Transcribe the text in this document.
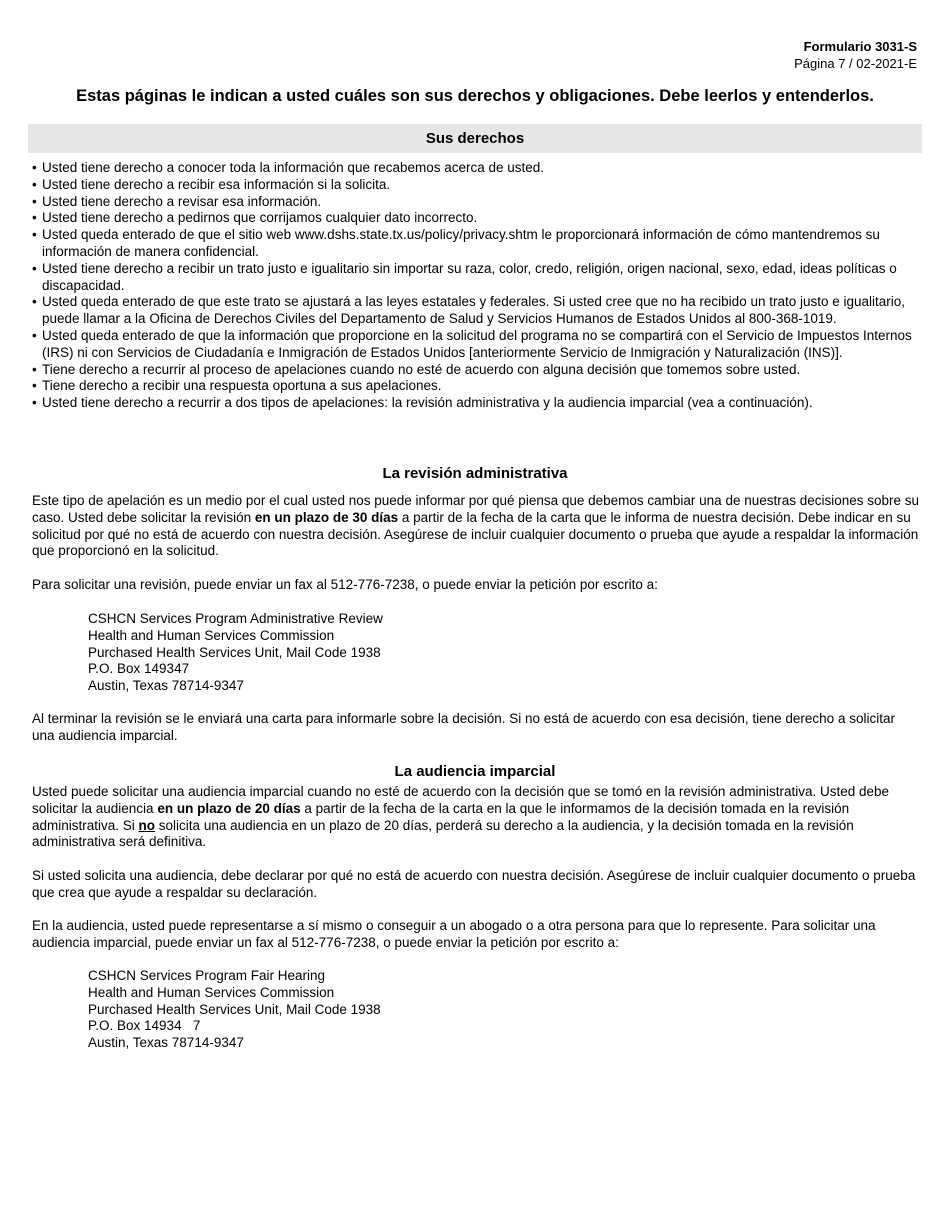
Formulario 3031-S
Página 7 / 02-2021-E
Estas páginas le indican a usted cuáles son sus derechos y obligaciones. Debe leerlos y entenderlos.
Sus derechos
• Usted tiene derecho a conocer toda la información que recabemos acerca de usted.
• Usted tiene derecho a recibir esa información si la solicita.
• Usted tiene derecho a revisar esa información.
• Usted tiene derecho a pedirnos que corrijamos cualquier dato incorrecto.
• Usted queda enterado de que el sitio web www.dshs.state.tx.us/policy/privacy.shtm le proporcionará información de cómo mantendremos su información de manera confidencial.
• Usted tiene derecho a recibir un trato justo e igualitario sin importar su raza, color, credo, religión, origen nacional, sexo, edad, ideas políticas o discapacidad.
• Usted queda enterado de que este trato se ajustará a las leyes estatales y federales. Si usted cree que no ha recibido un trato justo e igualitario, puede llamar a la Oficina de Derechos Civiles del Departamento de Salud y Servicios Humanos de Estados Unidos al 800-368-1019.
• Usted queda enterado de que la información que proporcione en la solicitud del programa no se compartirá con el Servicio de Impuestos Internos (IRS) ni con Servicios de Ciudadanía e Inmigración de Estados Unidos [anteriormente Servicio de Inmigración y Naturalización (INS)].
• Tiene derecho a recurrir al proceso de apelaciones cuando no esté de acuerdo con alguna decisión que tomemos sobre usted.
• Tiene derecho a recibir una respuesta oportuna a sus apelaciones.
• Usted tiene derecho a recurrir a dos tipos de apelaciones: la revisión administrativa y la audiencia imparcial (vea a continuación).
La revisión administrativa

Este tipo de apelación es un medio por el cual usted nos puede informar por qué piensa que debemos cambiar una de nuestras decisiones sobre su caso. Usted debe solicitar la revisión en un plazo de 30 días a partir de la fecha de la carta que le informa de nuestra decisión. Debe indicar en su solicitud por qué no está de acuerdo con nuestra decisión. Asegúrese de incluir cualquier documento o prueba que ayude a respaldar la información que proporcionó en la solicitud.

Para solicitar una revisión, puede enviar un fax al 512-776-7238, o puede enviar la petición por escrito a:

CSHCN Services Program Administrative Review
Health and Human Services Commission
Purchased Health Services Unit, Mail Code 1938
P.O. Box 149347
Austin, Texas 78714-9347

Al terminar la revisión se le enviará una carta para informarle sobre la decisión. Si no está de acuerdo con esa decisión, tiene derecho a solicitar una audiencia imparcial.

La audiencia imparcial

Usted puede solicitar una audiencia imparcial cuando no esté de acuerdo con la decisión que se tomó en la revisión administrativa. Usted debe solicitar la audiencia en un plazo de 20 días a partir de la fecha de la carta en la que le informamos de la decisión tomada en la revisión administrativa. Si no solicita una audiencia en un plazo de 20 días, perderá su derecho a la audiencia, y la decisión tomada en la revisión administrativa será definitiva.

Si usted solicita una audiencia, debe declarar por qué no está de acuerdo con nuestra decisión. Asegúrese de incluir cualquier documento o prueba que crea que ayude a respaldar su declaración.

En la audiencia, usted puede representarse a sí mismo o conseguir a un abogado o a otra persona para que lo represente. Para solicitar una audiencia imparcial, puede enviar un fax al 512-776-7238, o puede enviar la petición por escrito a:

CSHCN Services Program Fair Hearing
Health and Human Services Commission
Purchased Health Services Unit, Mail Code 1938
P.O. Box 14934   7
Austin, Texas 78714-9347
